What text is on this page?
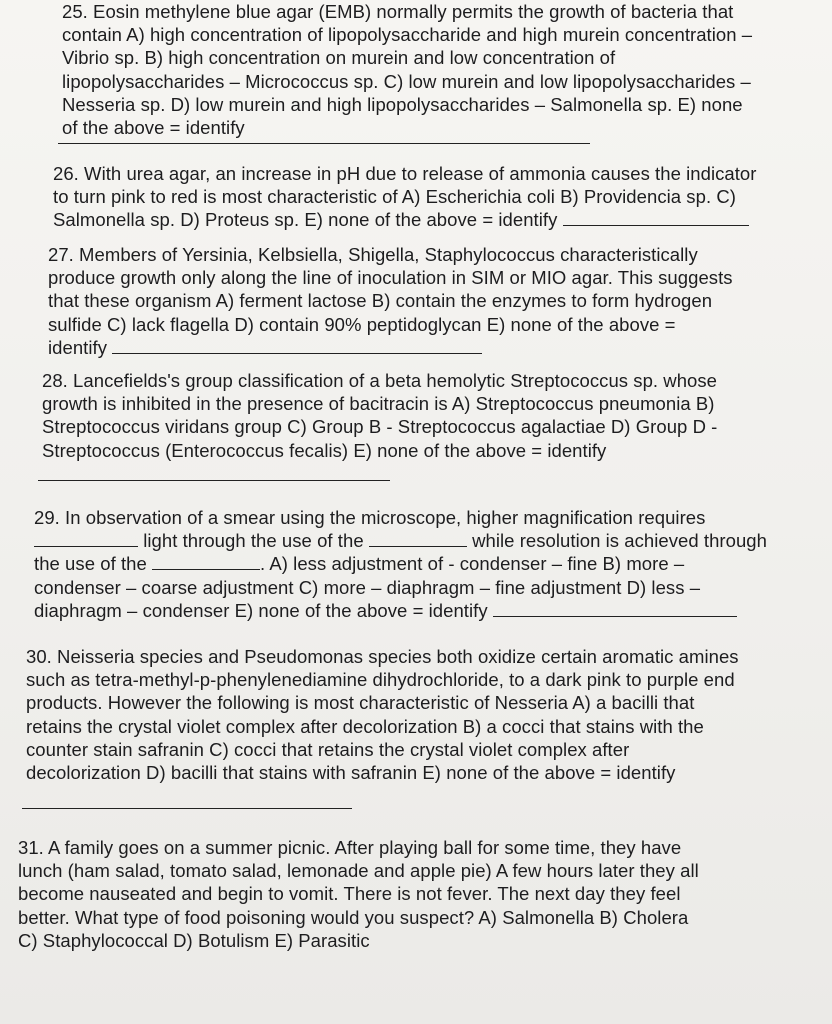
25. Eosin methylene blue agar (EMB) normally permits the growth of bacteria that
contain A) high concentration of lipopolysaccharide and high murein concentration –
Vibrio sp. B) high concentration on murein and low concentration of
lipopolysaccharides – Micrococcus sp. C) low murein and low lipopolysaccharides –
Nesseria sp. D) low murein and high lipopolysaccharides – Salmonella sp. E) none
of the above = identify
26. With urea agar, an increase in pH due to release of ammonia causes the indicator
to turn pink to red is most characteristic of A) Escherichia coli B) Providencia sp. C)
Salmonella sp. D) Proteus sp. E) none of the above = identify
27. Members of Yersinia, Kelbsiella, Shigella, Staphylococcus characteristically
produce growth only along the line of inoculation in SIM or MIO agar. This suggests
that these organism A) ferment lactose B) contain the enzymes to form hydrogen
sulfide C) lack flagella D) contain 90% peptidoglycan E) none of the above =
identify
28. Lancefields's group classification of a beta hemolytic Streptococcus sp. whose
growth is inhibited in the presence of bacitracin is A) Streptococcus pneumonia B)
Streptococcus viridans group C) Group B - Streptococcus agalactiae D) Group D -
Streptococcus (Enterococcus fecalis) E) none of the above = identify
29. In observation of a smear using the microscope, higher magnification requires
light through the use of the	while resolution is achieved through
the use of the	. A) less adjustment of - condenser – fine B) more –
condenser – coarse adjustment C) more – diaphragm – fine adjustment D) less –
diaphragm – condenser E) none of the above = identify
30. Neisseria species and Pseudomonas species both oxidize certain aromatic amines
such as tetra-methyl-p-phenylenediamine dihydrochloride, to a dark pink to purple end
products. However the following is most characteristic of Nesseria A) a bacilli that
retains the crystal violet complex after decolorization B) a cocci that stains with the
counter stain safranin C) cocci that retains the crystal violet complex after
decolorization D) bacilli that stains with safranin E) none of the above = identify
31. A family goes on a summer picnic. After playing ball for some time, they have
lunch (ham salad, tomato salad, lemonade and apple pie) A few hours later they all
become nauseated and begin to vomit. There is not fever. The next day they feel
better. What type of food poisoning would you suspect? A) Salmonella B) Cholera
C) Staphylococcal D) Botulism E) Parasitic
